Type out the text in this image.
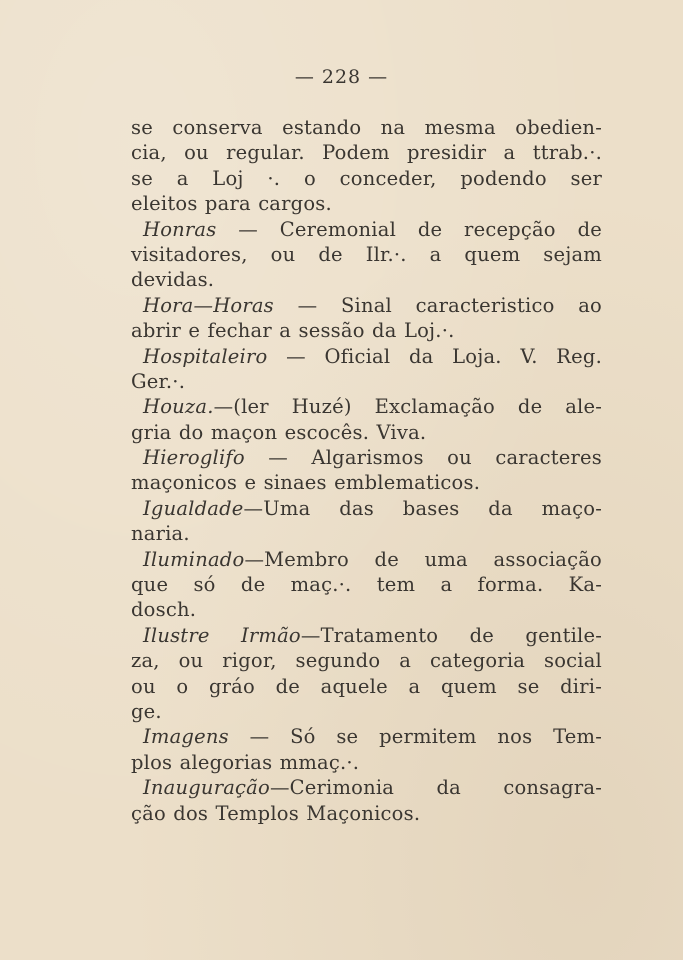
— 228 —
se conserva estando na mesma obedien-
cia, ou regular. Podem presidir a ttrab.·.
se a Loj ·. o conceder, podendo ser
eleitos para cargos.
Honras — Ceremonial de recepção de
visitadores, ou de Ilr.·. a quem sejam
devidas.
Hora—Horas — Sinal caracteristico ao
abrir e fechar a sessão da Loj.·.
Hospitaleiro — Oficial da Loja. V. Reg.
Ger.·.
Houza.—(ler Huzé) Exclamação de ale-
gria do maçon escocês. Viva.
Hieroglifo — Algarismos ou caracteres
maçonicos e sinaes emblematicos.
Igualdade—Uma das bases da maço-
naria.
Iluminado—Membro de uma associação
que só de maç.·. tem a forma. Ka-
dosch.
Ilustre Irmão—Tratamento de gentile-
za, ou rigor, segundo a categoria social
ou o gráo de aquele a quem se diri-
ge.
Imagens — Só se permitem nos Tem-
plos alegorias mmaç.·.
Inauguração—Cerimonia da consagra-
ção dos Templos Maçonicos.
